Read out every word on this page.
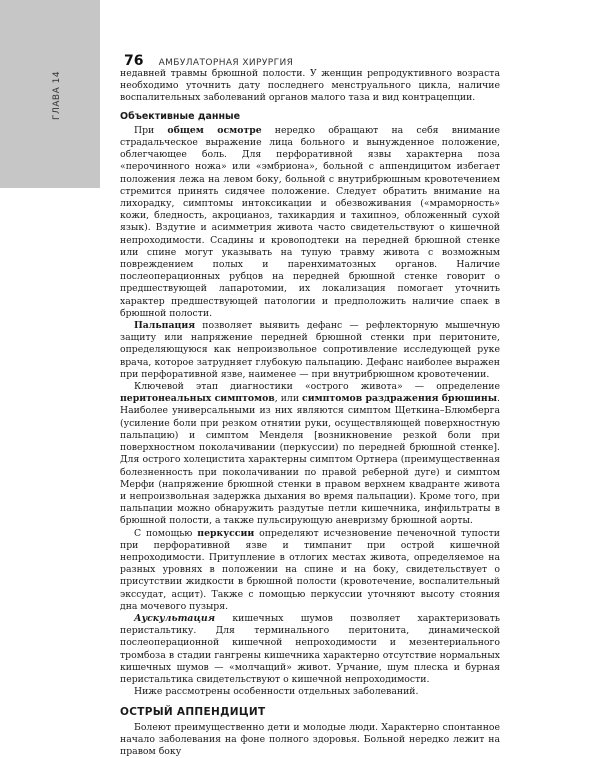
ГЛАВА 14
76 АМБУЛАТОРНАЯ ХИРУРГИЯ

недавней травмы брюшной полости. У женщин репродуктивного возраста необходимо уточнить дату последнего менструального цикла, наличие воспалительных заболеваний органов малого таза и вид контрацепции.

Объективные данные

При общем осмотре нередко обращают на себя внимание страдальческое выражение лица больного и вынужденное положение, облегчающее боль. Для перфоративной язвы характерна поза «перочинного ножа» или «эмбриона», больной с аппендицитом избегает положения лежа на левом боку, больной с внутрибрюшным кровотечением стремится принять сидячее положение. Следует обратить внимание на лихорадку, симптомы интоксикации и обезвоживания («мраморность» кожи, бледность, акроцианоз, тахикардия и тахипноэ, обложенный сухой язык). Вздутие и асимметрия живота часто свидетельствуют о кишечной непроходимости. Ссадины и кровоподтеки на передней брюшной стенке или спине могут указывать на тупую травму живота с возможным повреждением полых и паренхиматозных органов. Наличие послеоперационных рубцов на передней брюшной стенке говорит о предшествующей лапаротомии, их локализация помогает уточнить характер предшествующей патологии и предположить наличие спаек в брюшной полости.

Пальпация позволяет выявить дефанс — рефлекторную мышечную защиту или напряжение передней брюшной стенки при перитоните, определяющуюся как непроизвольное сопротивление исследующей руке врача, которое затрудняет глубокую пальпацию. Дефанс наиболее выражен при перфоративной язве, наименее — при внутрибрюшном кровотечении.

Ключевой этап диагностики «острого живота» — определение перитонеальных симптомов, или симптомов раздражения брюшины. Наиболее универсальными из них являются симптом Щеткина–Блюмберга (усиление боли при резком отнятии руки, осуществляющей поверхностную пальпацию) и симптом Менделя [возникновение резкой боли при поверхностном поколачивании (перкуссии) по передней брюшной стенке]. Для острого холецистита характерны симптом Ортнера (преимущественная болезненность при поколачивании по правой реберной дуге) и симптом Мерфи (напряжение брюшной стенки в правом верхнем квадранте живота и непроизвольная задержка дыхания во время пальпации). Кроме того, при пальпации можно обнаружить раздутые петли кишечника, инфильтраты в брюшной полости, а также пульсирующую аневризму брюшной аорты.

С помощью перкуссии определяют исчезновение печеночной тупости при перфоративной язве и тимпанит при острой кишечной непроходимости. Притупление в отлогих местах живота, определяемое на разных уровнях в положении на спине и на боку, свидетельствует о присутствии жидкости в брюшной полости (кровотечение, воспалительный экссудат, асцит). Также с помощью перкуссии уточняют высоту стояния дна мочевого пузыря.

Аускультация кишечных шумов позволяет характеризовать перистальтику. Для терминального перитонита, динамической послеоперационной кишечной непроходимости и мезентериального тромбоза в стадии гангрены кишечника характерно отсутствие нормальных кишечных шумов — «молчащий» живот. Урчание, шум плеска и бурная перистальтика свидетельствуют о кишечной непроходимости.

Ниже рассмотрены особенности отдельных заболеваний.

ОСТРЫЙ АППЕНДИЦИТ

Болеют преимущественно дети и молодые люди. Характерно спонтанное начало заболевания на фоне полного здоровья. Больной нередко лежит на правом боку
